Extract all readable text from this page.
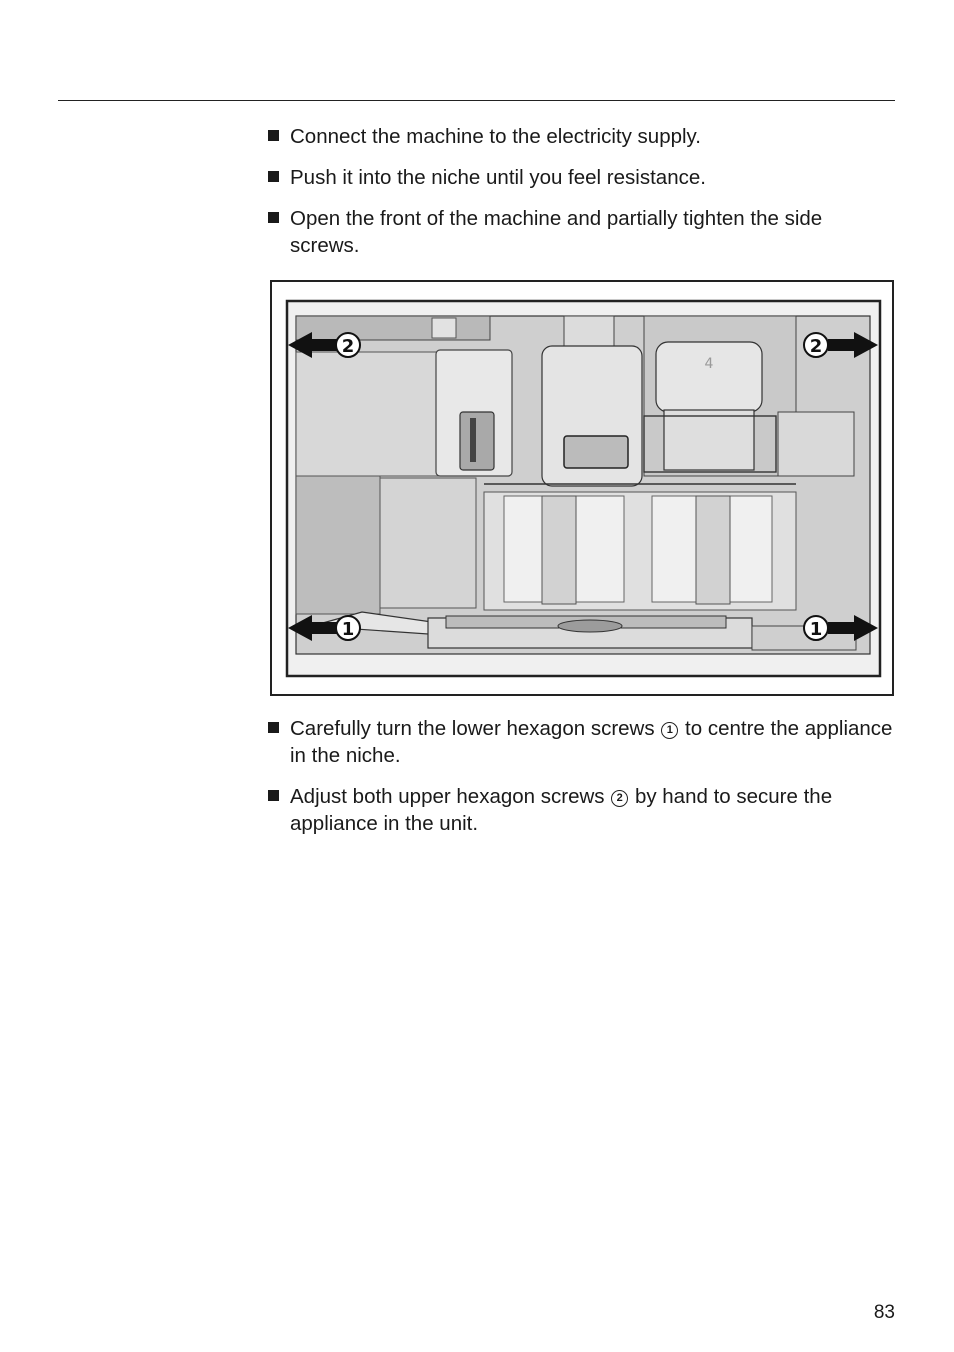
Connect the machine to the electricity supply.
Push it into the niche until you feel resistance.
Open the front of the machine and partially tighten the side screws.
4
2	2
1	1
Carefully turn the lower hexagon screws 1 to centre the appliance in the niche.
Adjust both upper hexagon screws 2 by hand to secure the appliance in the unit.
83
